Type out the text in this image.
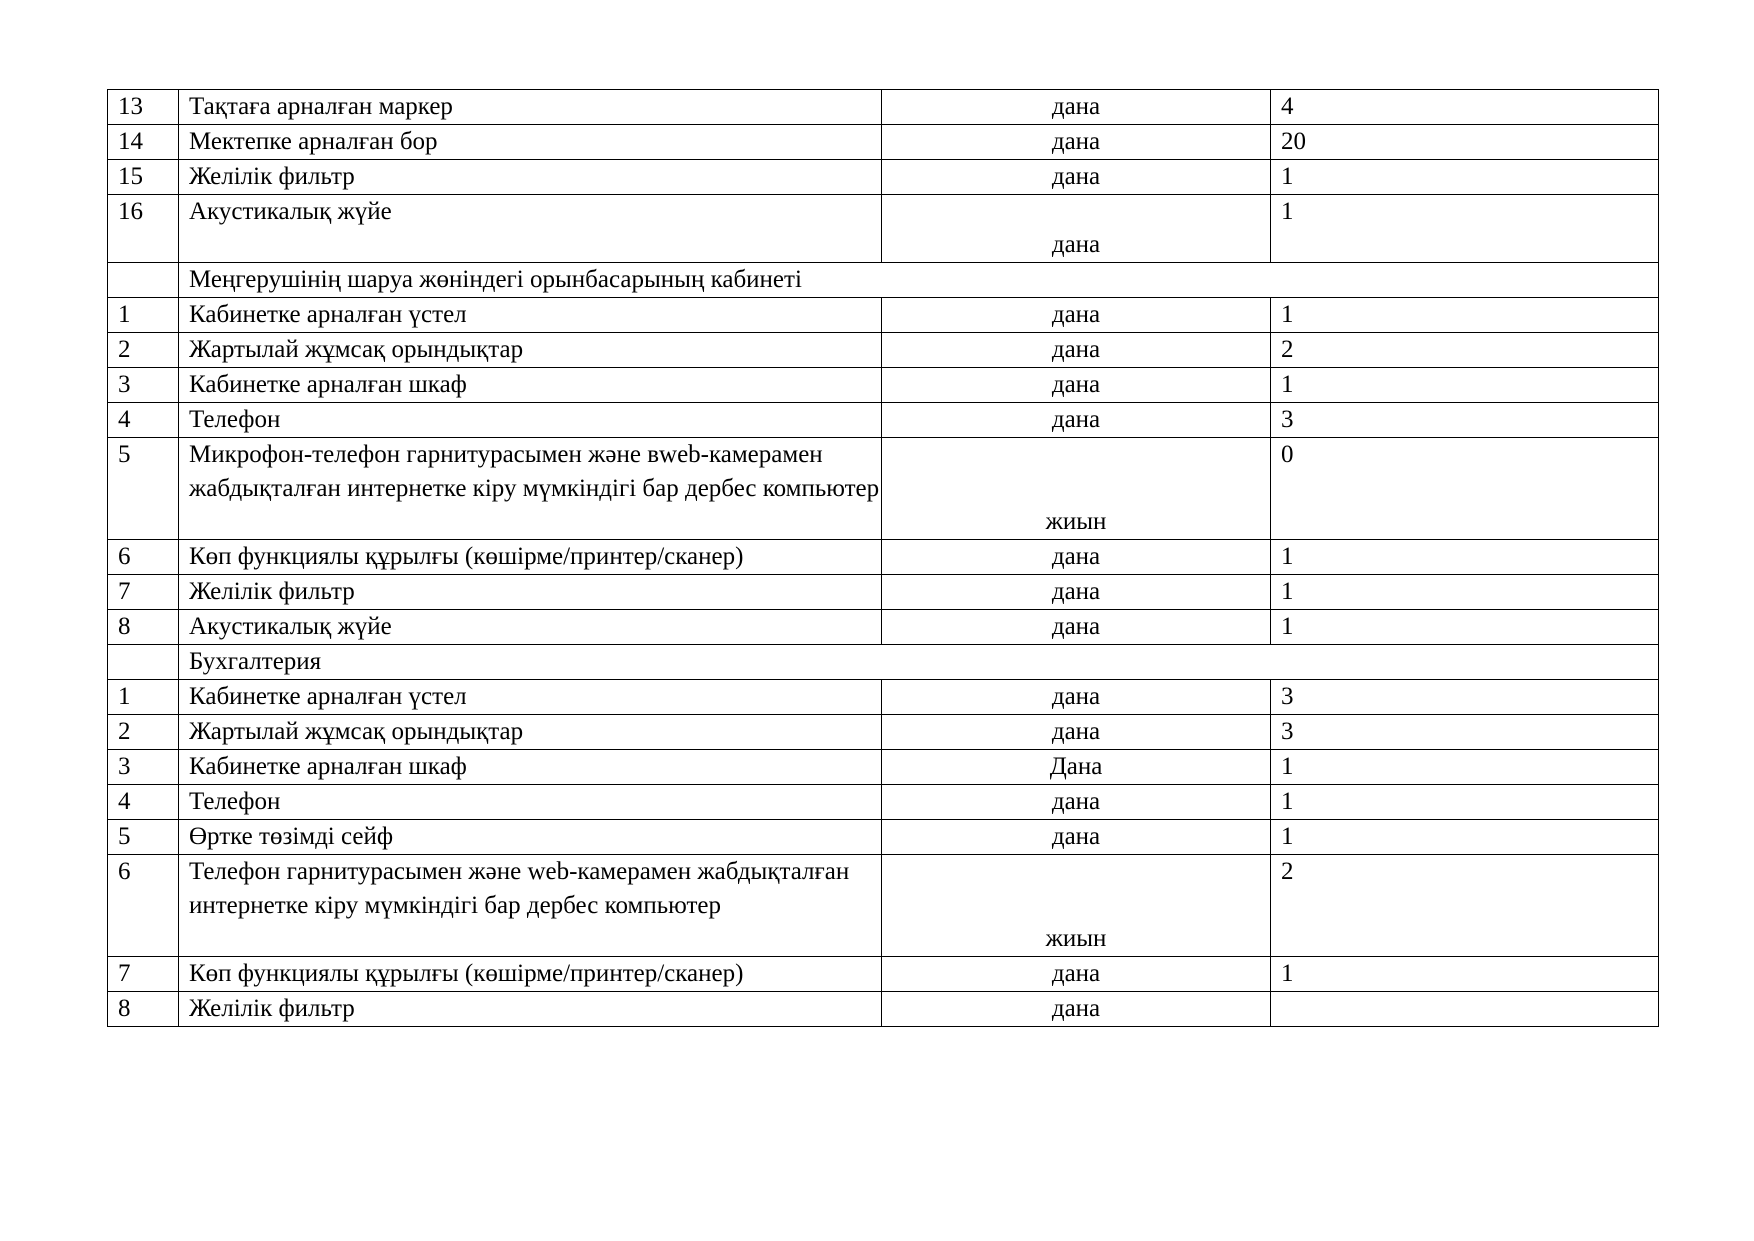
13	Тақтаға арналған маркер	дана	4
14	Мектепке арналған бор	дана	20
15	Желілік фильтр	дана	1
16	Акустикалық жүйе	дана	1
	Меңгерушінің шаруа жөніндегі орынбасарының кабинеті		
1	Кабинетке арналған үстел	дана	1
2	Жартылай жұмсақ орындықтар	дана	2
3	Кабинетке арналған шкаф	дана	1
4	Телефон	дана	3
5	Микрофон-телефон гарнитурасымен және вweb-камерамен жабдықталған интернетке кіру мүмкіндігі бар дербес компьютер	жиын	0
6	Көп функциялы құрылғы (көшірме/принтер/сканер)	дана	1
7	Желілік фильтр	дана	1
8	Акустикалық жүйе	дана	1
	Бухгалтерия		
1	Кабинетке арналған үстел	дана	3
2	Жартылай жұмсақ орындықтар	дана	3
3	Кабинетке арналған шкаф	Дана	1
4	Телефон	дана	1
5	Өртке төзімді сейф	дана	1
6	Телефон гарнитурасымен және web-камерамен жабдықталған интернетке кіру мүмкіндігі бар дербес компьютер	жиын	2
7	Көп функциялы құрылғы (көшірме/принтер/сканер)	дана	1
8	Желілік фильтр	дана	
